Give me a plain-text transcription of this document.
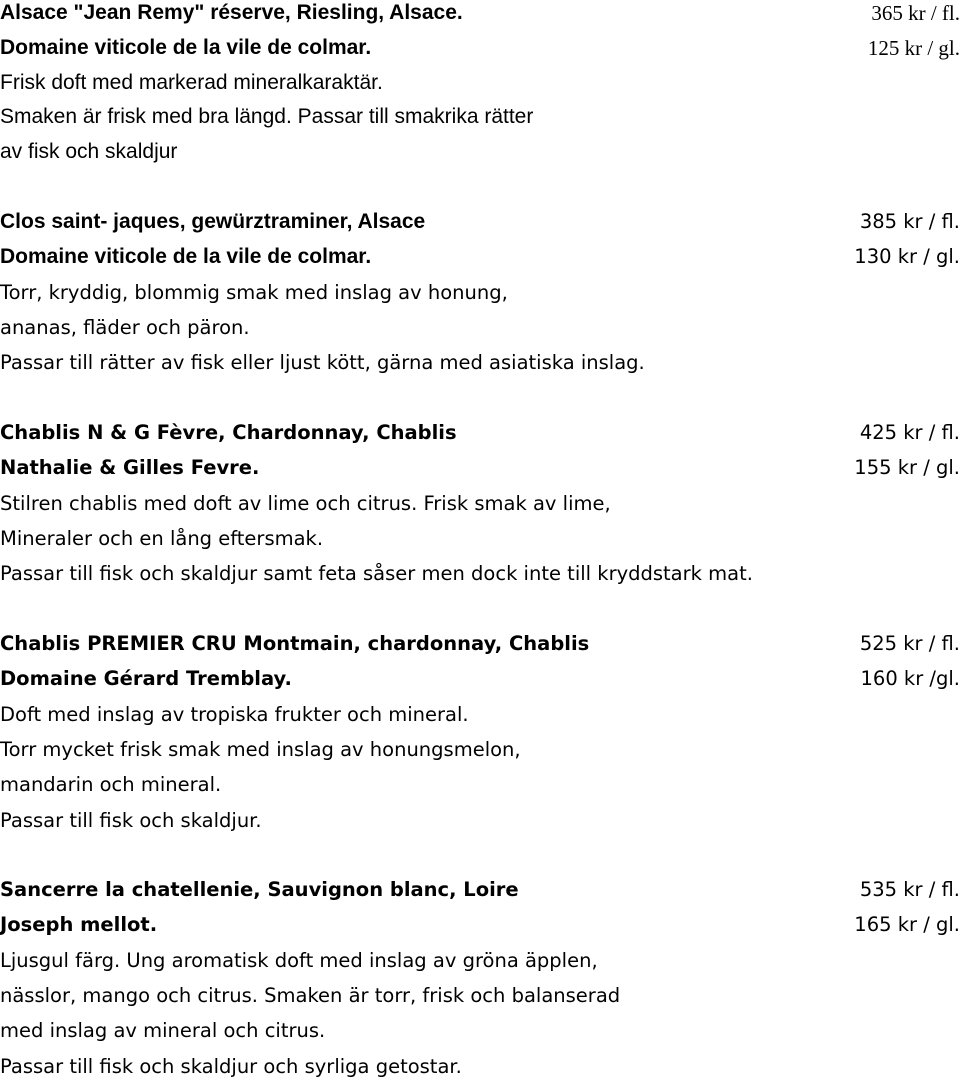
Alsace "Jean Remy" réserve, Riesling, Alsace.
Domaine viticole de la vile de colmar.
Frisk doft med markerad mineralkaraktär.
Smaken är frisk med bra längd. Passar till smakrika rätter
av fisk och skaldjur
365 kr / fl.
125 kr / gl.
Clos saint- jaques, gewürztraminer, Alsace
Domaine viticole de la vile de colmar.
Torr, kryddig, blommig smak med inslag av honung,
ananas, fläder och päron.
Passar till rätter av fisk eller ljust kött, gärna med asiatiska inslag.
385 kr / fl.
130 kr / gl.
Chablis N & G Fèvre, Chardonnay, Chablis
Nathalie & Gilles Fevre.
Stilren chablis med doft av lime och citrus. Frisk smak av lime,
Mineraler och en lång eftersmak.
Passar till fisk och skaldjur samt feta såser men dock inte till kryddstark mat.
425 kr / fl.
155 kr / gl.
Chablis PREMIER CRU Montmain, chardonnay, Chablis
Domaine Gérard Tremblay.
Doft med inslag av tropiska frukter och mineral.
Torr mycket frisk smak med inslag av honungsmelon,
mandarin och mineral.
Passar till fisk och skaldjur.
525 kr / fl.
160 kr /gl.
Sancerre la chatellenie, Sauvignon blanc, Loire
Joseph mellot.
Ljusgul färg. Ung aromatisk doft med inslag av gröna äpplen,
nässlor, mango och citrus. Smaken är torr, frisk och balanserad
med inslag av mineral och citrus.
Passar till fisk och skaldjur och syrliga getostar.
535 kr / fl.
165 kr / gl.
